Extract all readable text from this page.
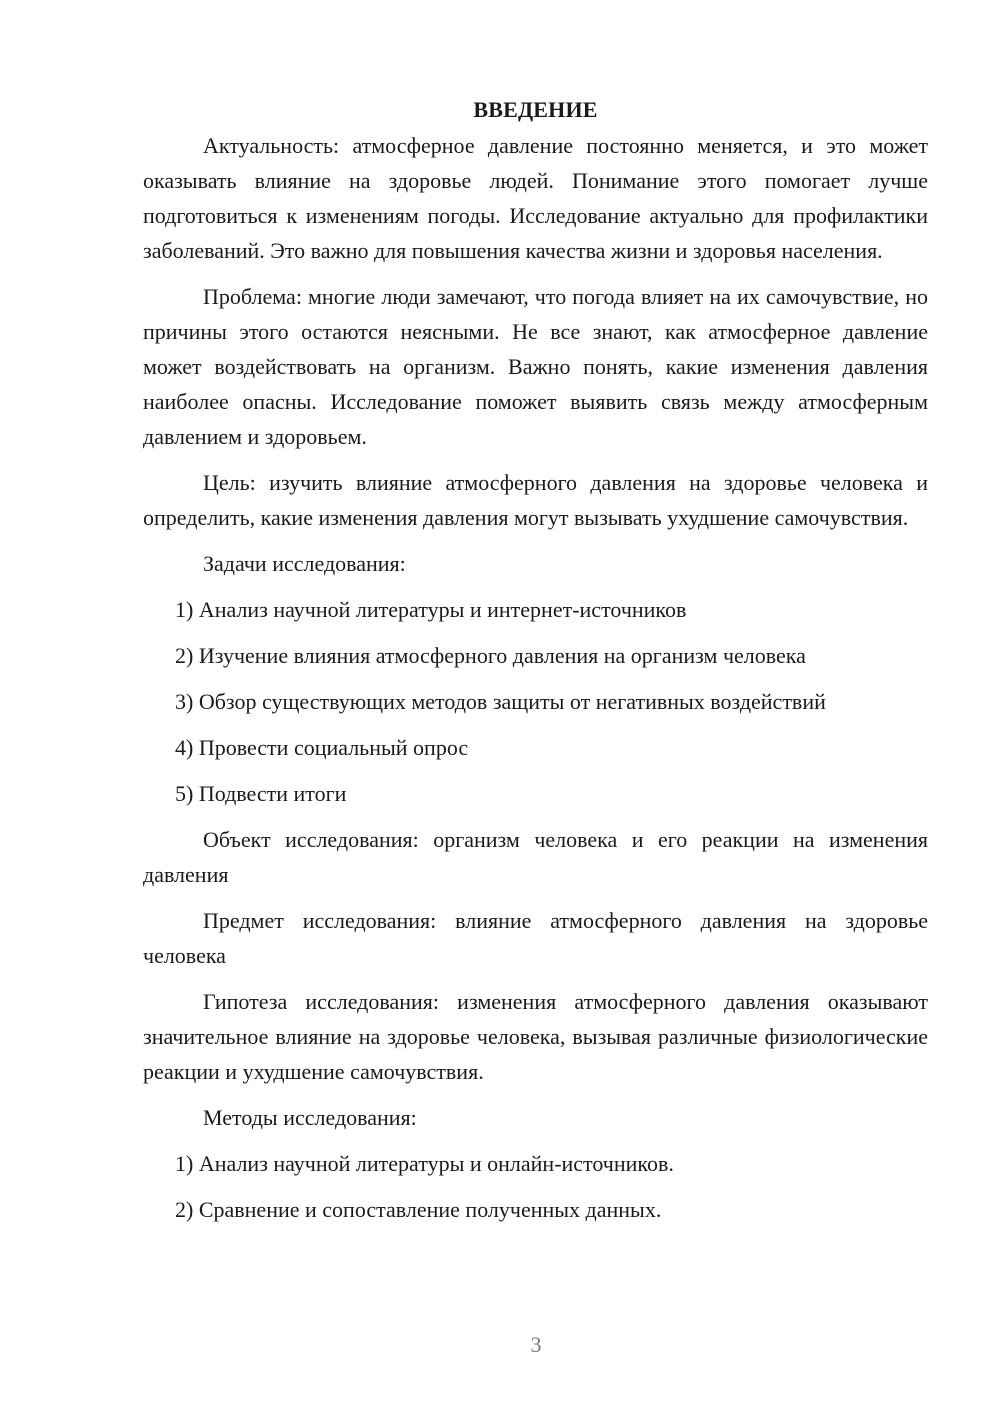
ВВЕДЕНИЕ

Актуальность: атмосферное давление постоянно меняется, и это может оказывать влияние на здоровье людей. Понимание этого помогает лучше подготовиться к изменениям погоды. Исследование актуально для профилактики заболеваний. Это важно для повышения качества жизни и здоровья населения.

Проблема: многие люди замечают, что погода влияет на их самочувствие, но причины этого остаются неясными. Не все знают, как атмосферное давление может воздействовать на организм. Важно понять, какие изменения давления наиболее опасны. Исследование поможет выявить связь между атмосферным давлением и здоровьем.

Цель: изучить влияние атмосферного давления на здоровье человека и определить, какие изменения давления могут вызывать ухудшение самочувствия.

Задачи исследования:

1) Анализ научной литературы и интернет-источников

2) Изучение влияния атмосферного давления на организм человека

3) Обзор существующих методов защиты от негативных воздействий

4) Провести социальный опрос

5) Подвести итоги

Объект исследования: организм человека и его реакции на изменения давления

Предмет исследования: влияние атмосферного давления на здоровье человека

Гипотеза исследования: изменения атмосферного давления оказывают значительное влияние на здоровье человека, вызывая различные физиологические реакции и ухудшение самочувствия.

Методы исследования:

1) Анализ научной литературы и онлайн-источников.

2) Сравнение и сопоставление полученных данных.

3
